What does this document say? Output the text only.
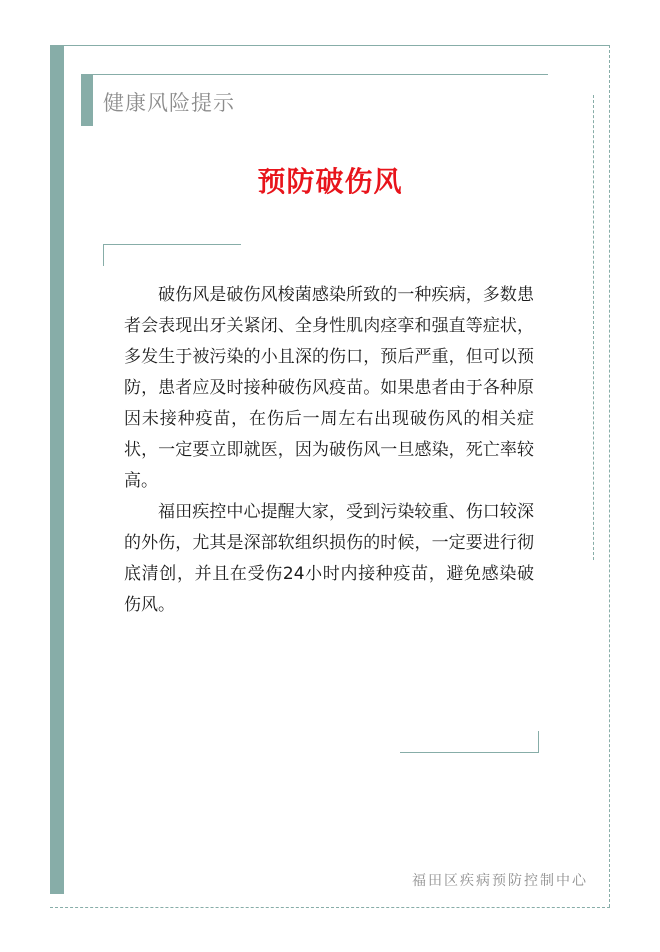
健康风险提示
预防破伤风

破伤风是破伤风梭菌感染所致的一种疾病，多数患者会表现出牙关紧闭、全身性肌肉痉挛和强直等症状，多发生于被污染的小且深的伤口，预后严重，但可以预防，患者应及时接种破伤风疫苗。如果患者由于各种原因未接种疫苗，在伤后一周左右出现破伤风的相关症状，一定要立即就医，因为破伤风一旦感染，死亡率较高。

福田疾控中心提醒大家，受到污染较重、伤口较深的外伤，尤其是深部软组织损伤的时候，一定要进行彻底清创，并且在受伤24小时内接种疫苗，避免感染破伤风。

福田区疾病预防控制中心
